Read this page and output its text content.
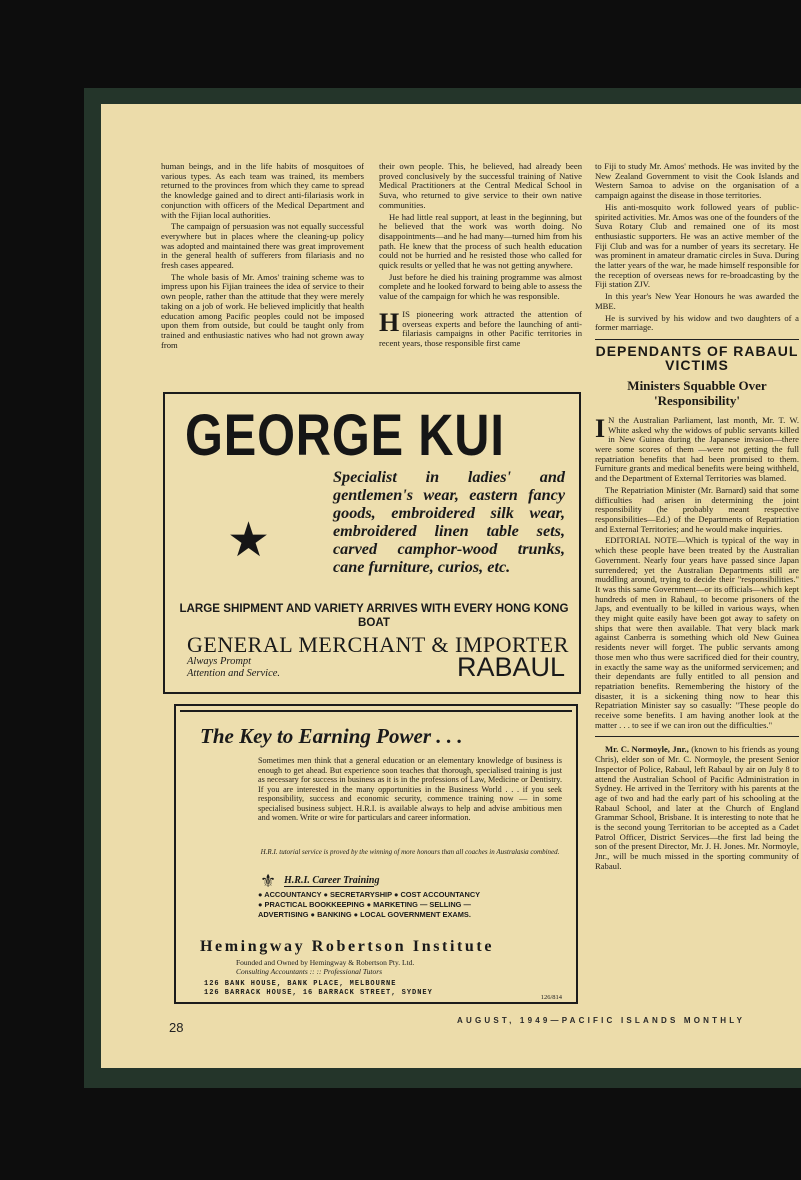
human beings, and in the life habits of mosquitoes of various types. As each team was trained, its members returned to the provinces from which they came to spread the knowledge gained and to direct anti-filariasis work in conjunction with officers of the Medical Department and with the Fijian local authorities.

The campaign of persuasion was not equally successful everywhere but in places where the cleaning-up policy was adopted and maintained there was great improvement in the general health of sufferers from filariasis and no fresh cases appeared.

The whole basis of Mr. Amos' training scheme was to impress upon his Fijian trainees the idea of service to their own people, rather than the attitude that they were merely taking on a job of work. He believed implicitly that health education among Pacific peoples could not be imposed upon them from outside, but could be taught only from trained and enthusiastic natives who had not grown away from

their own people. This, he believed, had already been proved conclusively by the successful training of Native Medical Practitioners at the Central Medical School in Suva, who returned to give service to their own native communities.

He had little real support, at least in the beginning, but he believed that the work was worth doing. No disappointments—and he had many—turned him from his path. He knew that the process of such health education could not be hurried and he resisted those who called for quick results or yelled that he was not getting anywhere.

Just before he died his training programme was almost complete and he looked forward to being able to assess the value of the campaign for which he was responsible.

HIS pioneering work attracted the attention of overseas experts and before the launching of anti-filariasis campaigns in other Pacific territories in recent years, those responsible first came

to Fiji to study Mr. Amos' methods. He was invited by the New Zealand Government to visit the Cook Islands and Western Samoa to advise on the organisation of a campaign against the disease in those territories.

His anti-mosquito work followed years of public-spirited activities. Mr. Amos was one of the founders of the Suva Rotary Club and remained one of its most enthusiastic supporters. He was an active member of the Fiji Club and was for a number of years its secretary. He was prominent in amateur dramatic circles in Suva. During the latter years of the war, he made himself responsible for the reception of overseas news for re-broadcasting by the Fiji station ZJV.

In this year's New Year Honours he was awarded the MBE.

He is survived by his widow and two daughters of a former marriage.

DEPENDANTS OF RABAUL VICTIMS
Ministers Squabble Over 'Responsibility'

I N the Australian Parliament, last month, Mr. T. W. White asked why the widows of public servants killed in New Guinea during the Japanese invasion—there were some scores of them —were not getting the full repatriation benefits that had been promised to them. Furniture grants and medical benefits were being withheld, and the Department of External Territories was blamed.

The Repatriation Minister (Mr. Barnard) said that some difficulties had arisen in determining the joint responsibility (he probably meant respective responsibilities—Ed.) of the Departments of Repatriation and External Territories; and he would make inquiries.

EDITORIAL NOTE—Which is typical of the way in which these people have been treated by the Australian Government. Nearly four years have passed since Japan surrendered; yet the Australian Departments still are muddling around, trying to decide their "responsibilities." It was this same Government—or its officials—which kept hundreds of men in Rabaul, to become prisoners of the Japs, and eventually to be killed in various ways, when they might quite easily have been got away to safety on ships that were then available. That very black mark against Canberra is something which old New Guinea residents never will forget. The public servants among those men who thus were sacrificed died for their country, in exactly the same way as the uniformed servicemen; and their dependants are fully entitled to all pension and repatriation benefits. Remembering the history of the disaster, it is a sickening thing now to hear this Repatriation Minister say so casually: "These people do receive some benefits. I am having another look at the matter . . . to see if we can iron out the difficulties."

Mr. C. Normoyle, Jnr., (known to his friends as young Chris), elder son of Mr. C. Normoyle, the present Senior Inspector of Police, Rabaul, left Rabaul by air on July 8 to attend the Australian School of Pacific Administration in Sydney. He arrived in the Territory with his parents at the age of two and had the early part of his schooling at the Rabaul School, and later at the Church of England Grammar School, Brisbane. It is interesting to note that he is the second young Territorian to be accepted as a Cadet Patrol Officer, District Services—the first lad being the son of the present Director, Mr. J. H. Jones. Mr. Normoyle, Jnr., will be much missed in the sporting community of Rabaul.

GEORGE KUI
★
Specialist in ladies' and gentlemen's wear, eastern fancy goods, embroidered silk wear, embroidered linen table sets, carved camphor-wood trunks, cane furniture, curios, etc.
LARGE SHIPMENT AND VARIETY ARRIVES WITH EVERY HONG KONG BOAT
GENERAL MERCHANT & IMPORTER
Always Prompt
Attention and Service.	RABAUL
The Key to Earning Power . . .
Sometimes men think that a general education or an elementary knowledge of business is enough to get ahead. But experience soon teaches that thorough, specialised training is just as necessary for success in business as it is in the professions of Law, Medicine or Dentistry. If you are interested in the many opportunities in the Business World . . . if you seek responsibility, success and economic security, commence training now — in some specialised business subject. H.R.I. is available always to help and advise ambitious men and women. Write or wire for particulars and career information.
H.R.I. tutorial service is proved by the winning of more honours than all coaches in Australasia combined.
⚜ H.R.I. Career Training
● ACCOUNTANCY ● SECRETARYSHIP ● COST ACCOUNTANCY
● PRACTICAL BOOKKEEPING ● MARKETING — SELLING —
ADVERTISING ● BANKING ● LOCAL GOVERNMENT EXAMS.
Hemingway Robertson Institute
Founded and Owned by Hemingway & Robertson Pty. Ltd.
Consulting Accountants :: :: Professional Tutors
126 BANK HOUSE, BANK PLACE, MELBOURNE
126 BARRACK HOUSE, 16 BARRACK STREET, SYDNEY
126/814
28	AUGUST, 1949—PACIFIC ISLANDS MONTHLY
